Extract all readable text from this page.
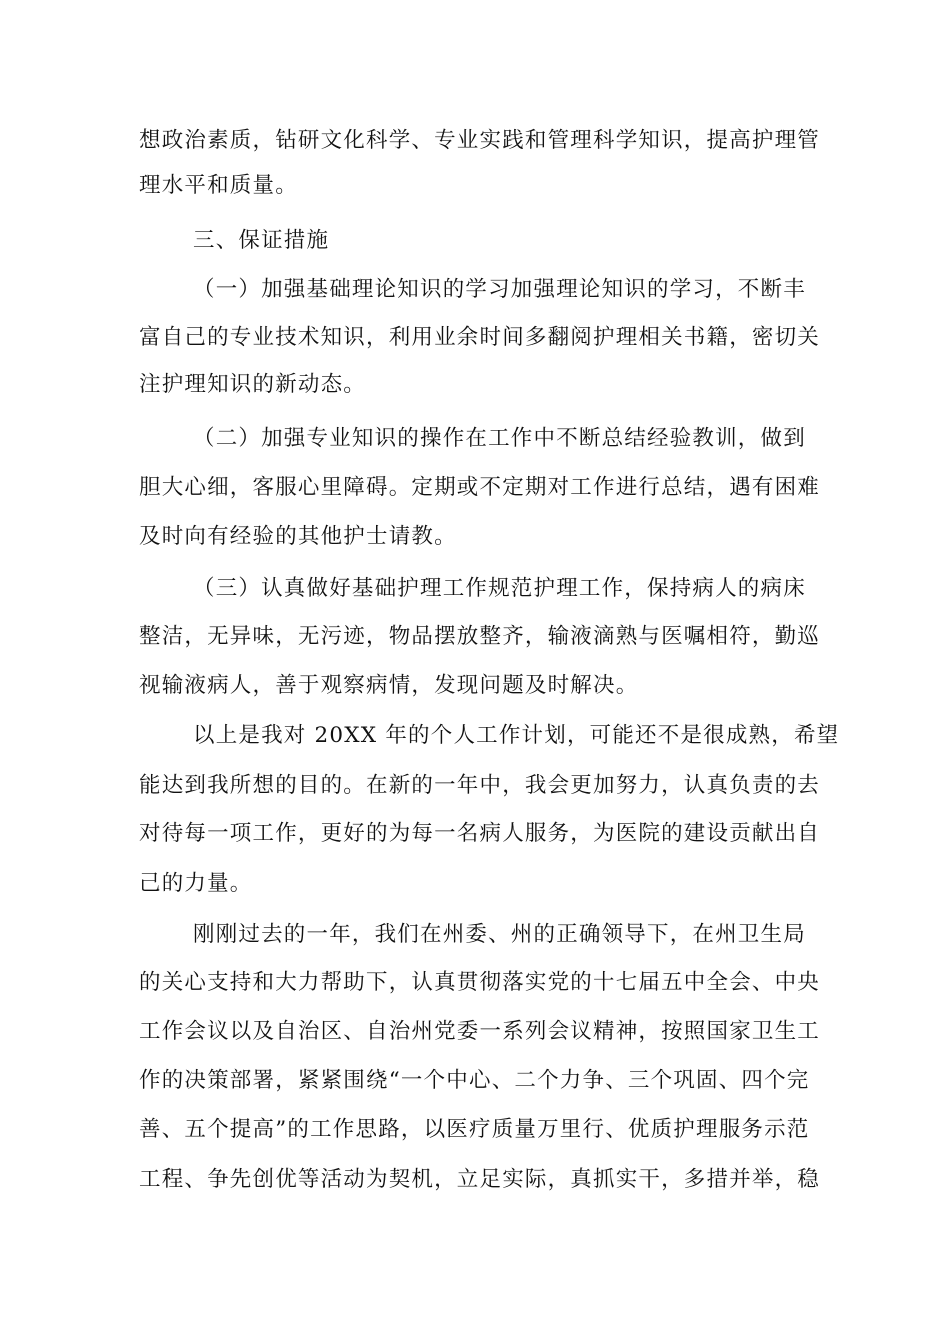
想政治素质，钻研文化科学、专业实践和管理科学知识，提高护理管
理水平和质量。
三、保证措施
（一）加强基础理论知识的学习加强理论知识的学习，不断丰
富自己的专业技术知识，利用业余时间多翻阅护理相关书籍，密切关
注护理知识的新动态。
（二）加强专业知识的操作在工作中不断总结经验教训，做到
胆大心细，客服心里障碍。定期或不定期对工作进行总结，遇有困难
及时向有经验的其他护士请教。
（三）认真做好基础护理工作规范护理工作，保持病人的病床
整洁，无异味，无污迹，物品摆放整齐，输液滴熟与医嘱相符，勤巡
视输液病人，善于观察病情，发现问题及时解决。
以上是我对 20XX 年的个人工作计划，可能还不是很成熟，希望
能达到我所想的目的。在新的一年中，我会更加努力，认真负责的去
对待每一项工作，更好的为每一名病人服务，为医院的建设贡献出自
己的力量。
刚刚过去的一年，我们在州委、州的正确领导下，在州卫生局
的关心支持和大力帮助下，认真贯彻落实党的十七届五中全会、中央
工作会议以及自治区、自治州党委一系列会议精神，按照国家卫生工
作的决策部署，紧紧围绕“一个中心、二个力争、三个巩固、四个完
善、五个提高”的工作思路，以医疗质量万里行、优质护理服务示范
工程、争先创优等活动为契机，立足实际，真抓实干，多措并举，稳
